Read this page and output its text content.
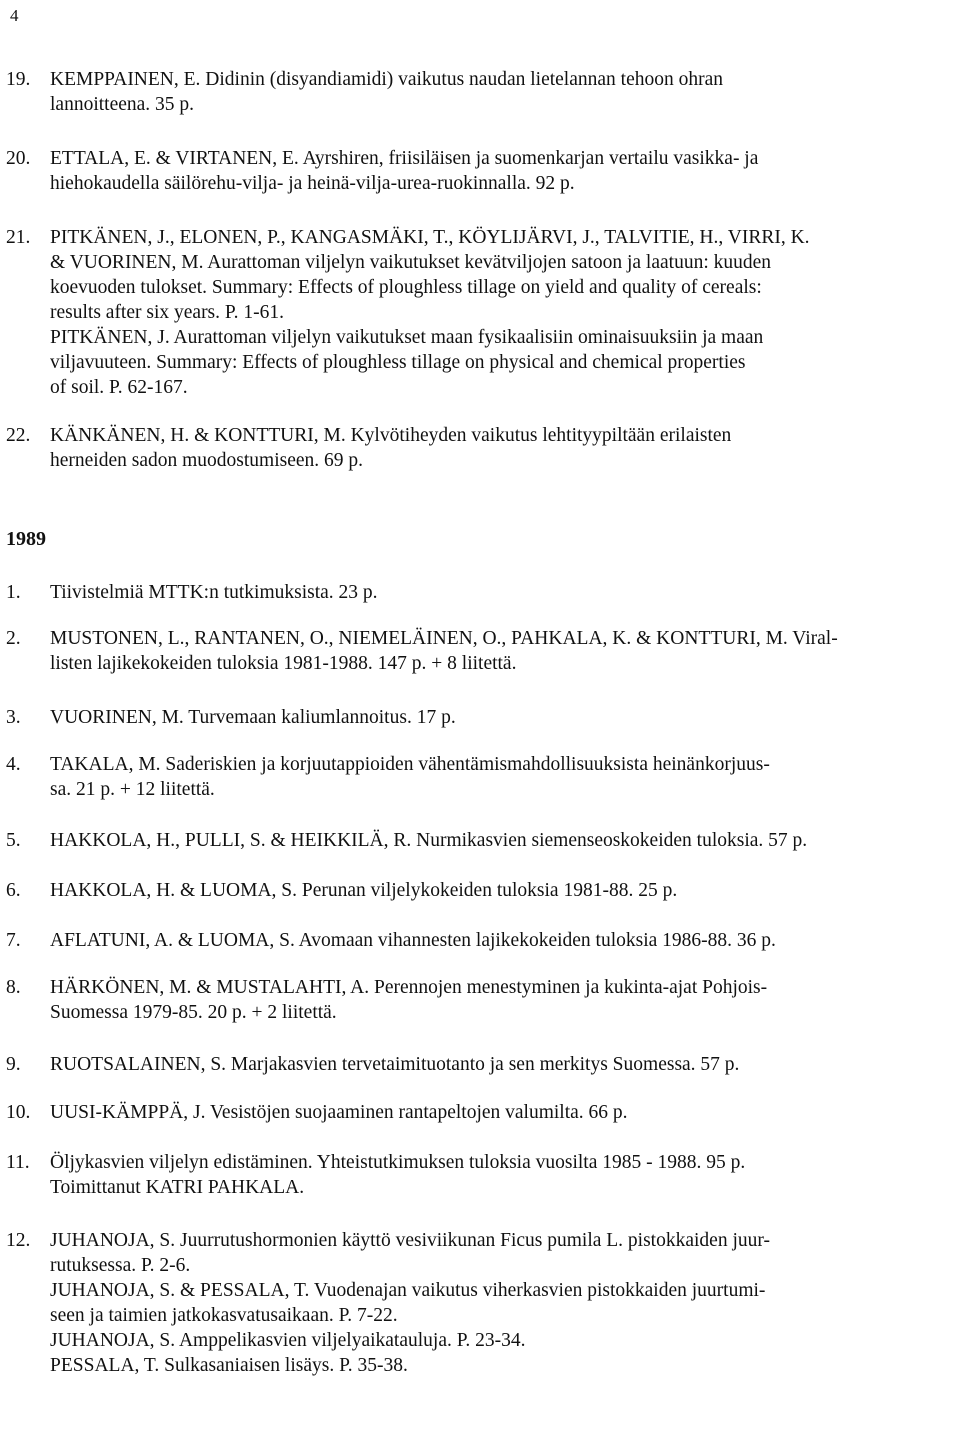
4
19. KEMPPAINEN, E. Didinin (disyandiamidi) vaikutus naudan lietelannan tehoon ohran
lannoitteena. 35 p.
20. ETTALA, E. & VIRTANEN, E. Ayrshiren, friisiläisen ja suomenkarjan vertailu vasikka- ja
hiehokaudella säilörehu-vilja- ja heinä-vilja-urea-ruokinnalla. 92 p.
21. PITKÄNEN, J., ELONEN, P., KANGASMÄKI, T., KÖYLIJÄRVI, J., TALVITIE, H., VIRRI, K.
& VUORINEN, M. Aurattoman viljelyn vaikutukset kevätviljojen satoon ja laatuun: kuuden
koevuoden tulokset. Summary: Effects of ploughless tillage on yield and quality of cereals:
results after six years. P. 1-61.
PITKÄNEN, J. Aurattoman viljelyn vaikutukset maan fysikaalisiin ominaisuuksiin ja maan
viljavuuteen. Summary: Effects of ploughless tillage on physical and chemical properties
of soil. P. 62-167.
22. KÄNKÄNEN, H. & KONTTURI, M. Kylvötiheyden vaikutus lehtityypiltään erilaisten
herneiden sadon muodostumiseen. 69 p.
1989
1. Tiivistelmiä MTTK:n tutkimuksista. 23 p.
2. MUSTONEN, L., RANTANEN, O., NIEMELÄINEN, O., PAHKALA, K. & KONTTURI, M. Viral-
listen lajikekokeiden tuloksia 1981-1988. 147 p. + 8 liitettä.
3. VUORINEN, M. Turvemaan kaliumlannoitus. 17 p.
4. TAKALA, M. Saderiskien ja korjuutappioiden vähentämismahdollisuuksista heinänkorjuus-
sa. 21 p. + 12 liitettä.
5. HAKKOLA, H., PULLI, S. & HEIKKILÄ, R. Nurmikasvien siemenseoskokeiden tuloksia. 57 p.
6. HAKKOLA, H. & LUOMA, S. Perunan viljelykokeiden tuloksia 1981-88. 25 p.
7. AFLATUNI, A. & LUOMA, S. Avomaan vihannesten lajikekokeiden tuloksia 1986-88. 36 p.
8. HÄRKÖNEN, M. & MUSTALAHTI, A. Perennojen menestyminen ja kukinta-ajat Pohjois-
Suomessa 1979-85. 20 p. + 2 liitettä.
9. RUOTSALAINEN, S. Marjakasvien tervetaimituotanto ja sen merkitys Suomessa. 57 p.
10. UUSI-KÄMPPÄ, J. Vesistöjen suojaaminen rantapeltojen valumilta. 66 p.
11. Öljykasvien viljelyn edistäminen. Yhteistutkimuksen tuloksia vuosilta 1985 - 1988. 95 p.
Toimittanut KATRI PAHKALA.
12. JUHANOJA, S. Juurrutushormonien käyttö vesiviikunan Ficus pumila L. pistokkaiden juur-
rutuksessa. P. 2-6.
JUHANOJA, S. & PESSALA, T. Vuodenajan vaikutus viherkasvien pistokkaiden juurtumi-
seen ja taimien jatkokasvatusaikaan. P. 7-22.
JUHANOJA, S. Amppelikasvien viljelyaikatauluja. P. 23-34.
PESSALA, T. Sulkasaniaisen lisäys. P. 35-38.
